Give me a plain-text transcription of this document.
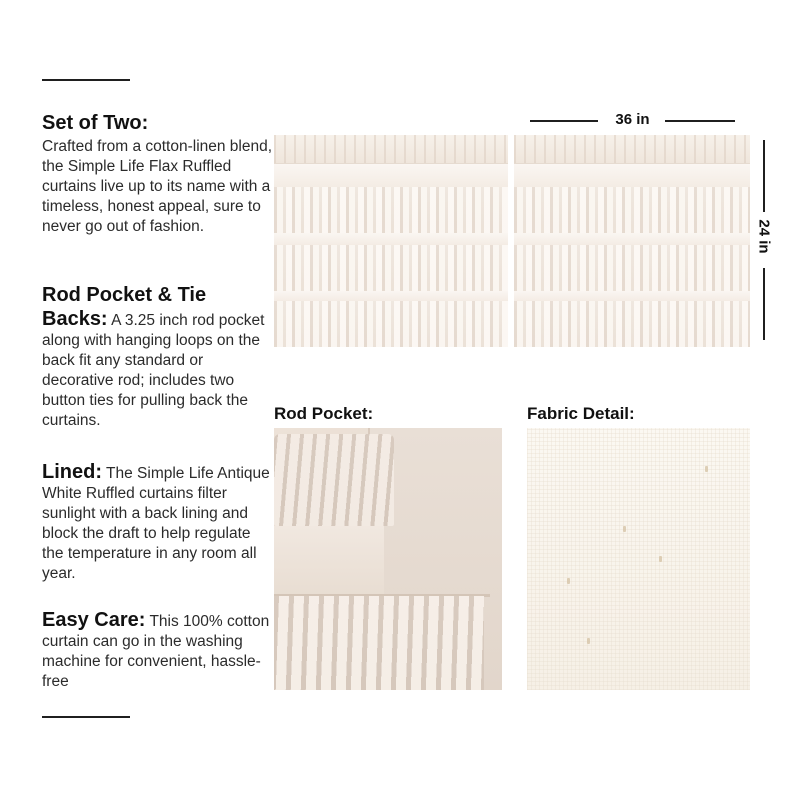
Set of Two:
Crafted from a cotton-linen blend, the Simple Life Flax Ruffled curtains live up to its name with a timeless, honest appeal, sure to never go out of fashion.
Rod Pocket & Tie
Backs: A 3.25 inch rod pocket along with hanging loops on the back fit any standard or decorative rod; includes two button ties for pulling back the curtains.
Lined: The Simple Life Antique White Ruffled curtains filter sunlight with a back lining and block the draft to help regulate the temperature in any room all year.
Easy Care: This 100% cotton curtain can go in the washing machine for convenient, hassle-free
36 in
24 in
Rod Pocket:	Fabric Detail:
